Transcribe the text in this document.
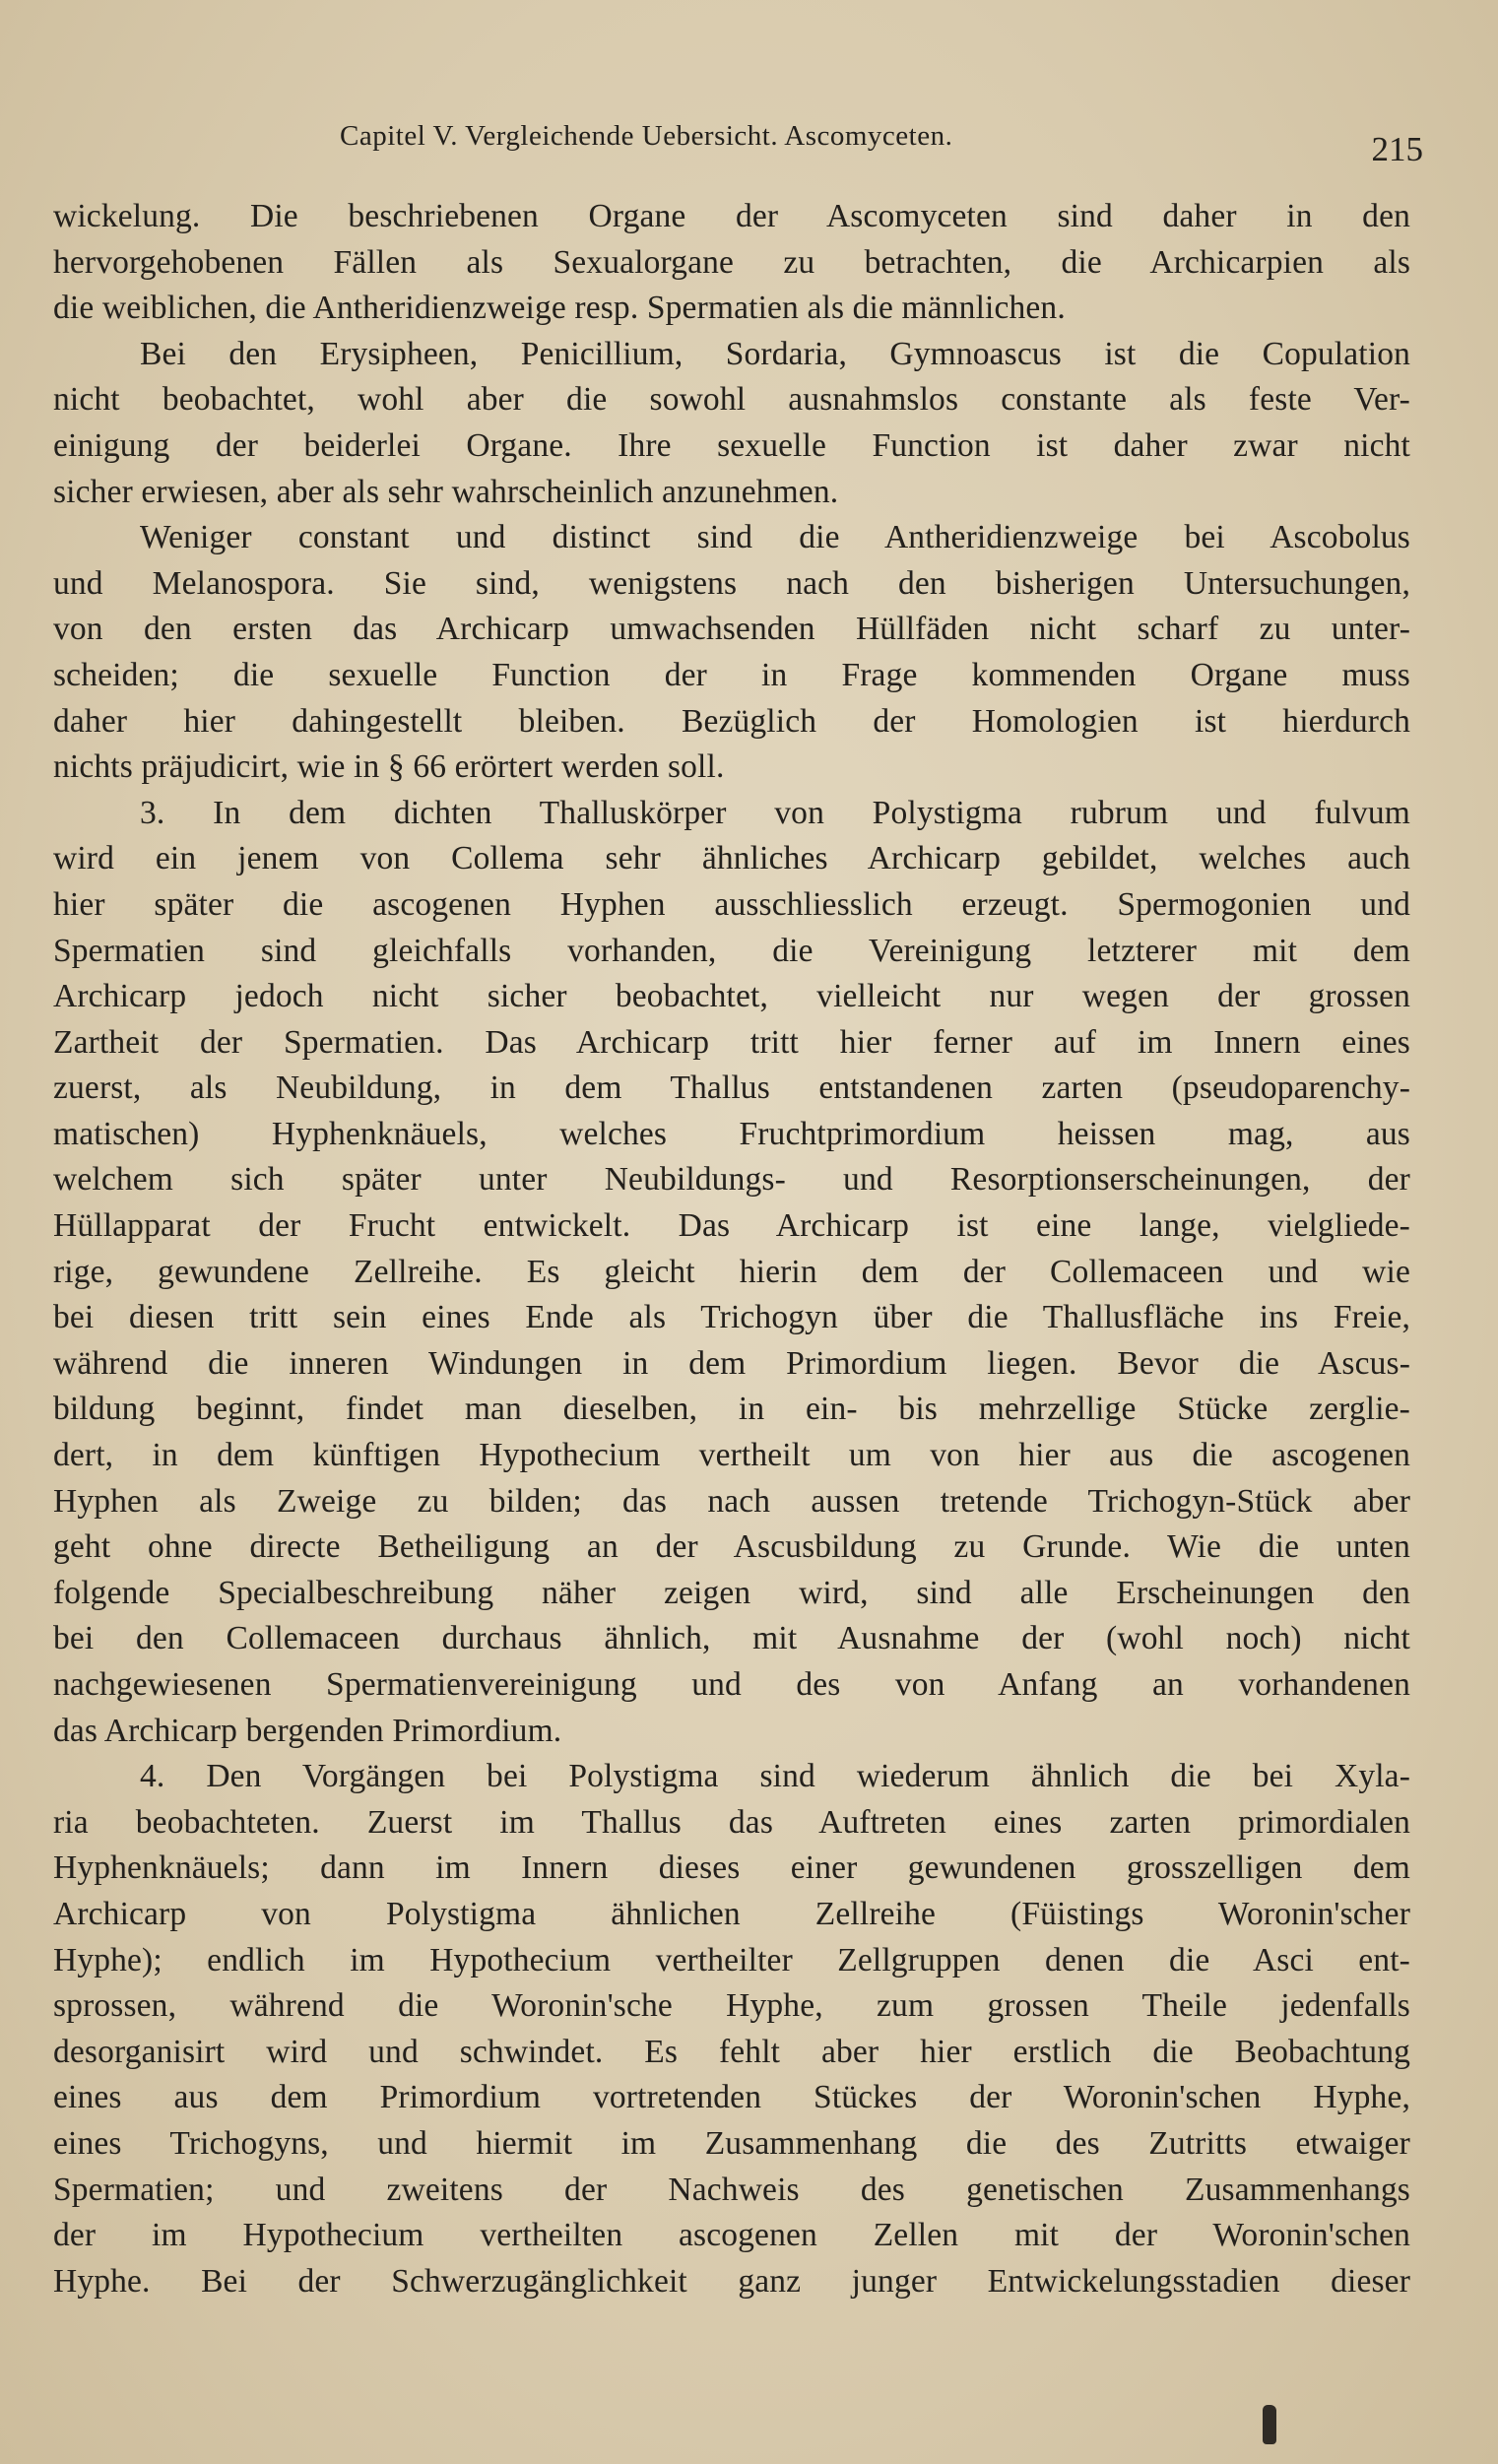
Capitel V. Vergleichende Uebersicht. Ascomyceten.	215
wickelung. Die beschriebenen Organe der Ascomyceten sind daher in den
hervorgehobenen Fällen als Sexualorgane zu betrachten, die Archicarpien als
die weiblichen, die Antheridienzweige resp. Spermatien als die männlichen.
Bei den Erysipheen, Penicillium, Sordaria, Gymnoascus ist die Copulation
nicht beobachtet, wohl aber die sowohl ausnahmslos constante als feste Ver-
einigung der beiderlei Organe. Ihre sexuelle Function ist daher zwar nicht
sicher erwiesen, aber als sehr wahrscheinlich anzunehmen.
Weniger constant und distinct sind die Antheridienzweige bei Ascobolus
und Melanospora. Sie sind, wenigstens nach den bisherigen Untersuchungen,
von den ersten das Archicarp umwachsenden Hüllfäden nicht scharf zu unter-
scheiden; die sexuelle Function der in Frage kommenden Organe muss
daher hier dahingestellt bleiben. Bezüglich der Homologien ist hierdurch
nichts präjudicirt, wie in § 66 erörtert werden soll.
3. In dem dichten Thalluskörper von Polystigma rubrum und fulvum
wird ein jenem von Collema sehr ähnliches Archicarp gebildet, welches auch
hier später die ascogenen Hyphen ausschliesslich erzeugt. Spermogonien und
Spermatien sind gleichfalls vorhanden, die Vereinigung letzterer mit dem
Archicarp jedoch nicht sicher beobachtet, vielleicht nur wegen der grossen
Zartheit der Spermatien. Das Archicarp tritt hier ferner auf im Innern eines
zuerst, als Neubildung, in dem Thallus entstandenen zarten (pseudoparenchy-
matischen) Hyphenknäuels, welches Fruchtprimordium heissen mag, aus
welchem sich später unter Neubildungs- und Resorptionserscheinungen, der
Hüllapparat der Frucht entwickelt. Das Archicarp ist eine lange, vielgliede-
rige, gewundene Zellreihe. Es gleicht hierin dem der Collemaceen und wie
bei diesen tritt sein eines Ende als Trichogyn über die Thallusfläche ins Freie,
während die inneren Windungen in dem Primordium liegen. Bevor die Ascus-
bildung beginnt, findet man dieselben, in ein- bis mehrzellige Stücke zerglie-
dert, in dem künftigen Hypothecium vertheilt um von hier aus die ascogenen
Hyphen als Zweige zu bilden; das nach aussen tretende Trichogyn-Stück aber
geht ohne directe Betheiligung an der Ascusbildung zu Grunde. Wie die unten
folgende Specialbeschreibung näher zeigen wird, sind alle Erscheinungen den
bei den Collemaceen durchaus ähnlich, mit Ausnahme der (wohl noch) nicht
nachgewiesenen Spermatienvereinigung und des von Anfang an vorhandenen
das Archicarp bergenden Primordium.
4. Den Vorgängen bei Polystigma sind wiederum ähnlich die bei Xyla-
ria beobachteten. Zuerst im Thallus das Auftreten eines zarten primordialen
Hyphenknäuels; dann im Innern dieses einer gewundenen grosszelligen dem
Archicarp von Polystigma ähnlichen Zellreihe (Füistings Woronin'scher
Hyphe); endlich im Hypothecium vertheilter Zellgruppen denen die Asci ent-
sprossen, während die Woronin'sche Hyphe, zum grossen Theile jedenfalls
desorganisirt wird und schwindet. Es fehlt aber hier erstlich die Beobachtung
eines aus dem Primordium vortretenden Stückes der Woronin'schen Hyphe,
eines Trichogyns, und hiermit im Zusammenhang die des Zutritts etwaiger
Spermatien; und zweitens der Nachweis des genetischen Zusammenhangs
der im Hypothecium vertheilten ascogenen Zellen mit der Woronin'schen
Hyphe. Bei der Schwerzugänglichkeit ganz junger Entwickelungsstadien dieser
